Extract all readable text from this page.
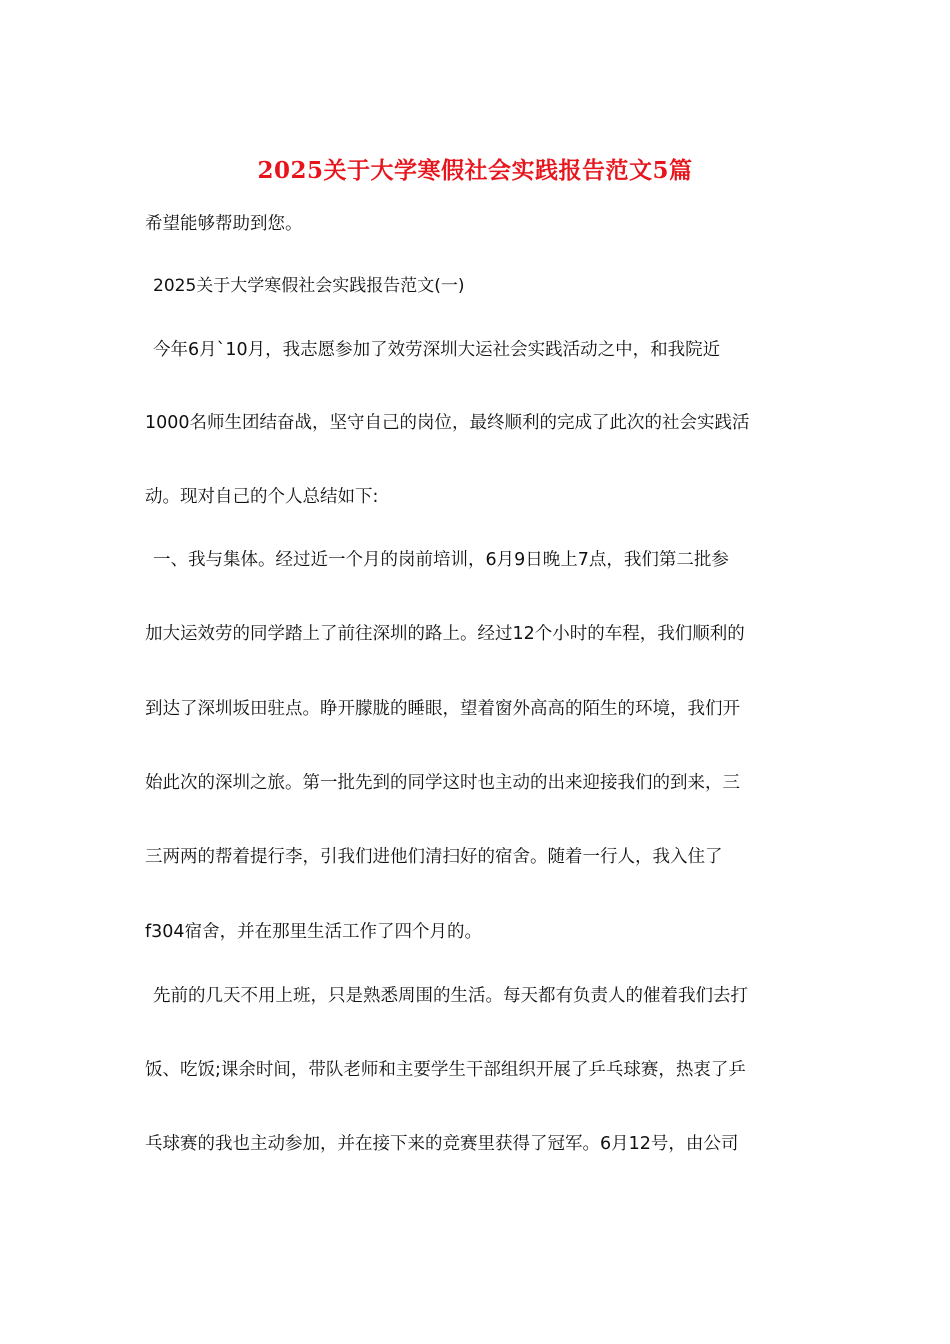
2025关于大学寒假社会实践报告范文5篇
希望能够帮助到您。
2025关于大学寒假社会实践报告范文(一)
今年6月`10月，我志愿参加了效劳深圳大运社会实践活动之中，和我院近
1000名师生团结奋战，坚守自己的岗位，最终顺利的完成了此次的社会实践活
动。现对自己的个人总结如下:
一、我与集体。经过近一个月的岗前培训，6月9日晚上7点，我们第二批参
加大运效劳的同学踏上了前往深圳的路上。经过12个小时的车程，我们顺利的
到达了深圳坂田驻点。睁开朦胧的睡眼，望着窗外高高的陌生的环境，我们开
始此次的深圳之旅。第一批先到的同学这时也主动的出来迎接我们的到来，三
三两两的帮着提行李，引我们进他们清扫好的宿舍。随着一行人，我入住了
f304宿舍，并在那里生活工作了四个月的。
先前的几天不用上班，只是熟悉周围的生活。每天都有负责人的催着我们去打
饭、吃饭;课余时间，带队老师和主要学生干部组织开展了乒乓球赛，热衷了乒
乓球赛的我也主动参加，并在接下来的竞赛里获得了冠军。6月12号，由公司
